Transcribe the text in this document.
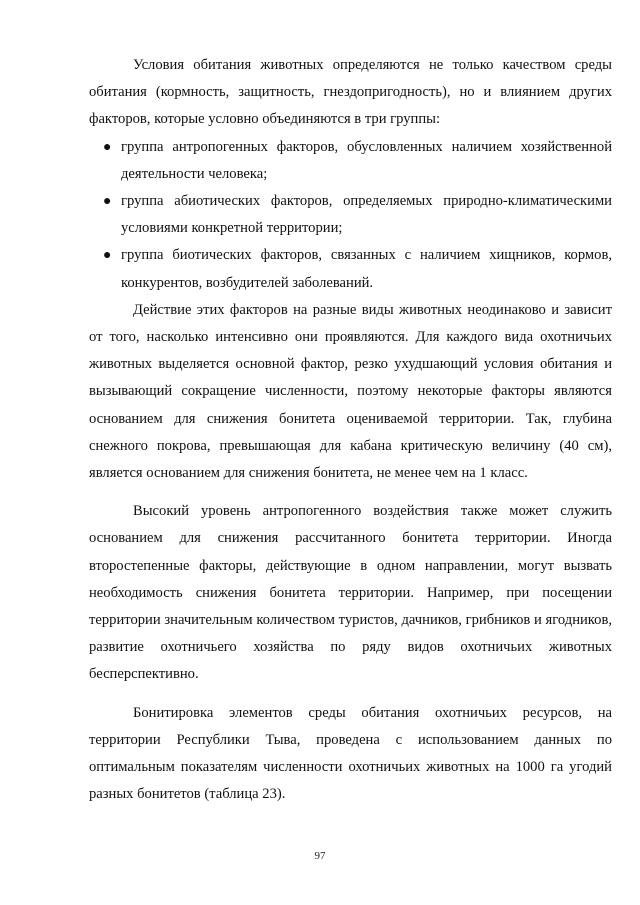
Условия обитания животных определяются не только качеством среды обитания (кормность, защитность, гнездопригодность), но и влиянием других факторов, которые условно объединяются в три группы:

● группа антропогенных факторов, обусловленных наличием хозяйственной деятельности человека;
● группа абиотических факторов, определяемых природно-климатическими условиями конкретной территории;
● группа биотических факторов, связанных с наличием хищников, кормов, конкурентов, возбудителей заболеваний.

Действие этих факторов на разные виды животных неодинаково и зависит от того, насколько интенсивно они проявляются. Для каждого вида охотничьих животных выделяется основной фактор, резко ухудшающий условия обитания и вызывающий сокращение численности, поэтому некоторые факторы являются основанием для снижения бонитета оцениваемой территории. Так, глубина снежного покрова, превышающая для кабана критическую величину (40 см), является основанием для снижения бонитета, не менее чем на 1 класс.

Высокий уровень антропогенного воздействия также может служить основанием для снижения рассчитанного бонитета территории. Иногда второстепенные факторы, действующие в одном направлении, могут вызвать необходимость снижения бонитета территории. Например, при посещении территории значительным количеством туристов, дачников, грибников и ягодников, развитие охотничьего хозяйства по ряду видов охотничьих животных бесперспективно.

Бонитировка элементов среды обитания охотничьих ресурсов, на территории Республики Тыва, проведена с использованием данных по оптимальным показателям численности охотничьих животных на 1000 га угодий разных бонитетов (таблица 23).

97
